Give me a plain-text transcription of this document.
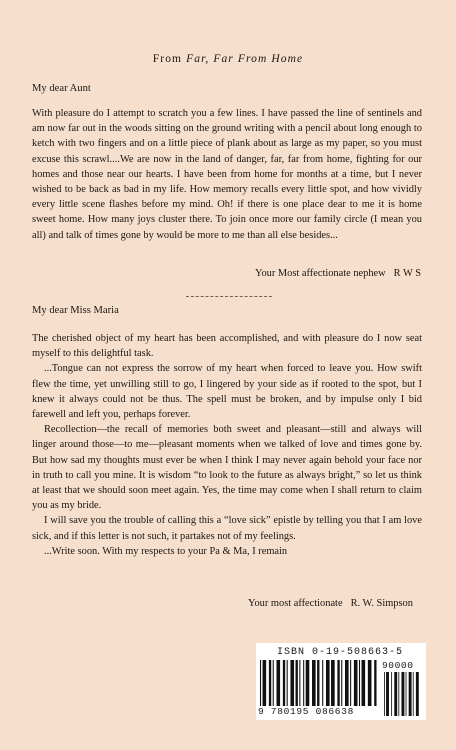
From Far, Far From Home
My dear Aunt

With pleasure do I attempt to scratch you a few lines. I have passed the line of sentinels and am now far out in the woods sitting on the ground writing with a pencil about long enough to ketch with two fingers and on a little piece of plank about as large as my paper, so you must excuse this scrawl....We are now in the land of danger, far, far from home, fighting for our homes and those near our hearts. I have been from home for months at a time, but I never wished to be back as bad in my life. How memory recalls every little spot, and how vividly every little scene flashes before my mind. Oh! if there is one place dear to me it is home sweet home. How many joys cluster there. To join once more our family circle (I mean you all) and talk of times gone by would be more to me than all else besides...

Your Most affectionate nephew R W S
My dear Miss Maria

The cherished object of my heart has been accomplished, and with pleasure do I now seat myself to this delightful task.

...Tongue can not express the sorrow of my heart when forced to leave you. How swift flew the time, yet unwilling still to go, I lingered by your side as if rooted to the spot, but I knew it always could not be thus. The spell must be broken, and by impulse only I bid farewell and left you, perhaps forever.

Recollection—the recall of memories both sweet and pleasant—still and always will linger around those—to me—pleasant moments when we talked of love and times gone by. But how sad my thoughts must ever be when I think I may never again behold your face nor in truth to call you mine. It is wisdom “to look to the future as always bright,” so let us think at least that we should soon meet again. Yes, the time may come when I shall return to claim you as my bride.

I will save you the trouble of calling this a “love sick” epistle by telling you that I am love sick, and if this letter is not such, it partakes not of my feelings.

...Write soon. With my respects to your Pa & Ma, I remain

Your most affectionate R. W. Simpson
ISBN 0-19-508663-5
9 780195 086638
90000
